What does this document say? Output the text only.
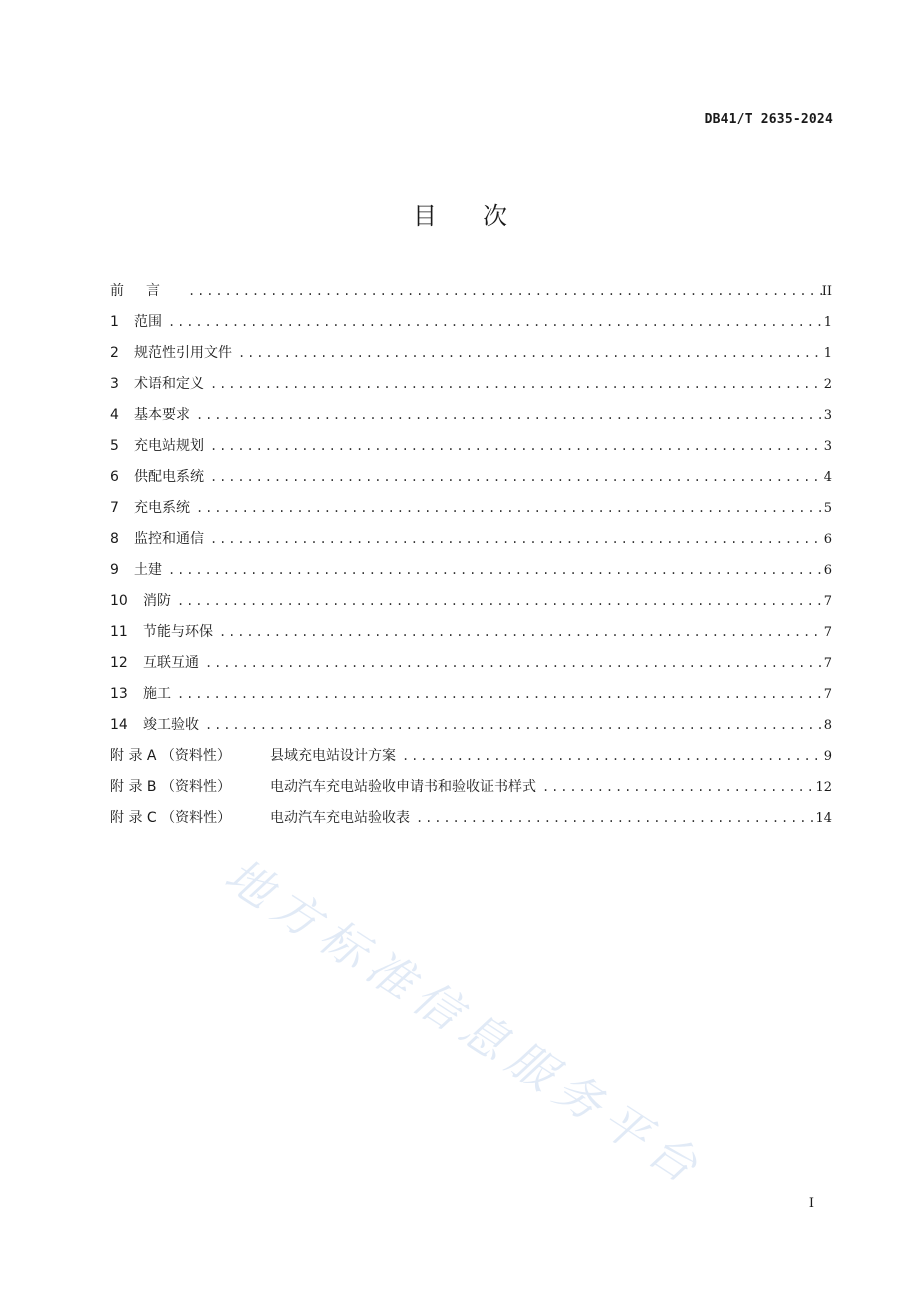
DB41/T 2635-2024
目次
前言 .....	II
1	范围 .....	1
2	规范性引用文件 .....	1
3	术语和定义 .....	2
4	基本要求 .....	3
5	充电站规划 .....	3
6	供配电系统 .....	4
7	充电系统 .....	5
8	监控和通信 .....	6
9	土建 .....	6
10	消防 .....	7
11	节能与环保 .....	7
12	互联互通 .....	7
13	施工 .....	7
14	竣工验收 .....	8
附 录 A （资料性）	县域充电站设计方案 .....	9
附 录 B （资料性）	电动汽车充电站验收申请书和验收证书样式 .....	12
附 录 C （资料性）	电动汽车充电站验收表 .....	14
地方标准信息服务平台
I
